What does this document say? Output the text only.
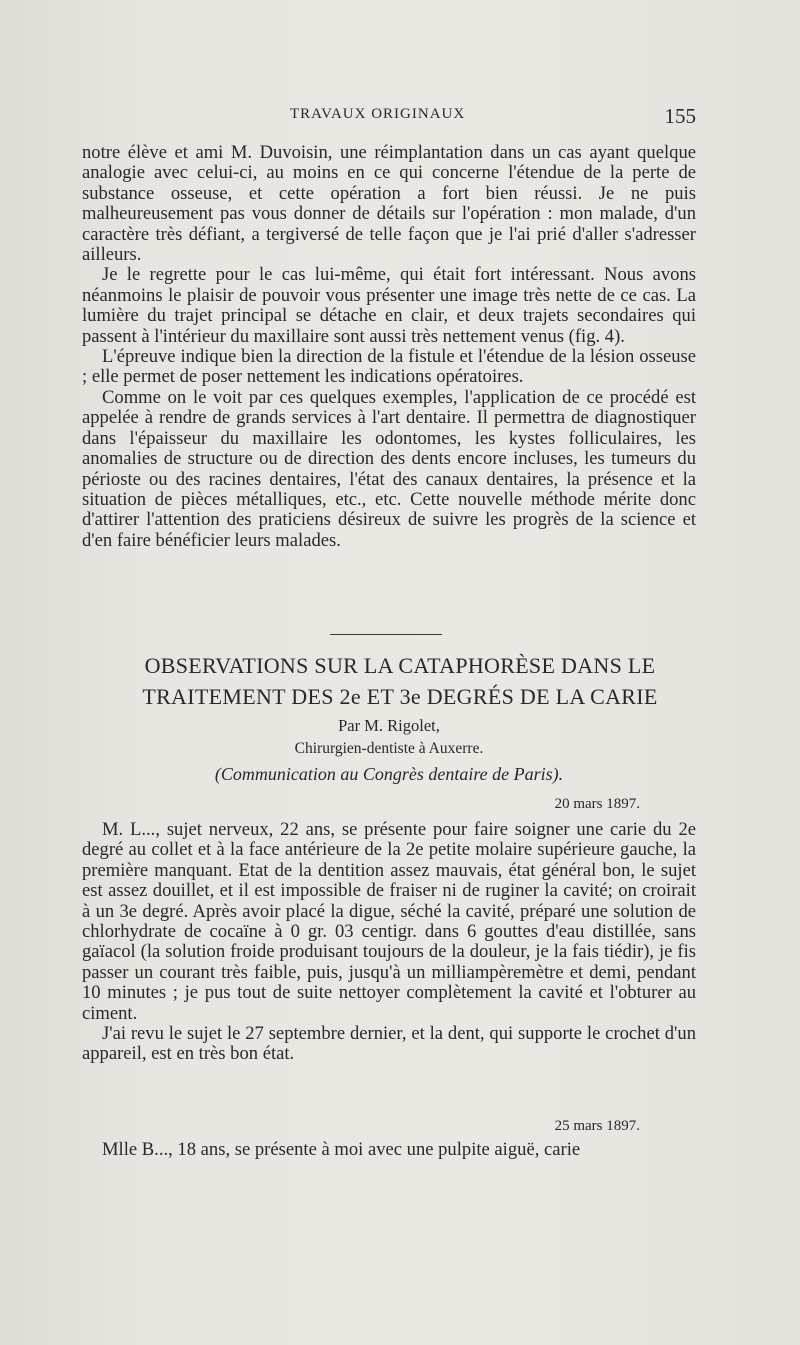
TRAVAUX ORIGINAUX	155

notre élève et ami M. Duvoisin, une réimplantation dans un cas ayant quelque analogie avec celui-ci, au moins en ce qui concerne l'étendue de la perte de substance osseuse, et cette opération a fort bien réussi. Je ne puis malheureusement pas vous donner de détails sur l'opération : mon malade, d'un caractère très défiant, a tergiversé de telle façon que je l'ai prié d'aller s'adresser ailleurs.

Je le regrette pour le cas lui-même, qui était fort intéressant. Nous avons néanmoins le plaisir de pouvoir vous présenter une image très nette de ce cas. La lumière du trajet principal se détache en clair, et deux trajets secondaires qui passent à l'intérieur du maxillaire sont aussi très nettement venus (fig. 4).

L'épreuve indique bien la direction de la fistule et l'étendue de la lésion osseuse ; elle permet de poser nettement les indications opératoires.

Comme on le voit par ces quelques exemples, l'application de ce procédé est appelée à rendre de grands services à l'art dentaire. Il permettra de diagnostiquer dans l'épaisseur du maxillaire les odontomes, les kystes folliculaires, les anomalies de structure ou de direction des dents encore incluses, les tumeurs du périoste ou des racines dentaires, l'état des canaux dentaires, la présence et la situation de pièces métalliques, etc., etc. Cette nouvelle méthode mérite donc d'attirer l'attention des praticiens désireux de suivre les progrès de la science et d'en faire bénéficier leurs malades.

OBSERVATIONS SUR LA CATAPHORÈSE DANS LE
TRAITEMENT DES 2e ET 3e DEGRÉS DE LA CARIE
Par M. Rigolet,
Chirurgien-dentiste à Auxerre.
(Communication au Congrès dentaire de Paris).
20 mars 1897.

M. L..., sujet nerveux, 22 ans, se présente pour faire soigner une carie du 2e degré au collet et à la face antérieure de la 2e petite molaire supérieure gauche, la première manquant. Etat de la dentition assez mauvais, état général bon, le sujet est assez douillet, et il est impossible de fraiser ni de ruginer la cavité; on croirait à un 3e degré. Après avoir placé la digue, séché la cavité, préparé une solution de chlorhydrate de cocaïne à 0 gr. 03 centigr. dans 6 gouttes d'eau distillée, sans gaïacol (la solution froide produisant toujours de la douleur, je la fais tiédir), je fis passer un courant très faible, puis, jusqu'à un milliampèremètre et demi, pendant 10 minutes ; je pus tout de suite nettoyer complètement la cavité et l'obturer au ciment.

J'ai revu le sujet le 27 septembre dernier, et la dent, qui supporte le crochet d'un appareil, est en très bon état.

25 mars 1897.
Mlle B..., 18 ans, se présente à moi avec une pulpite aiguë, carie
